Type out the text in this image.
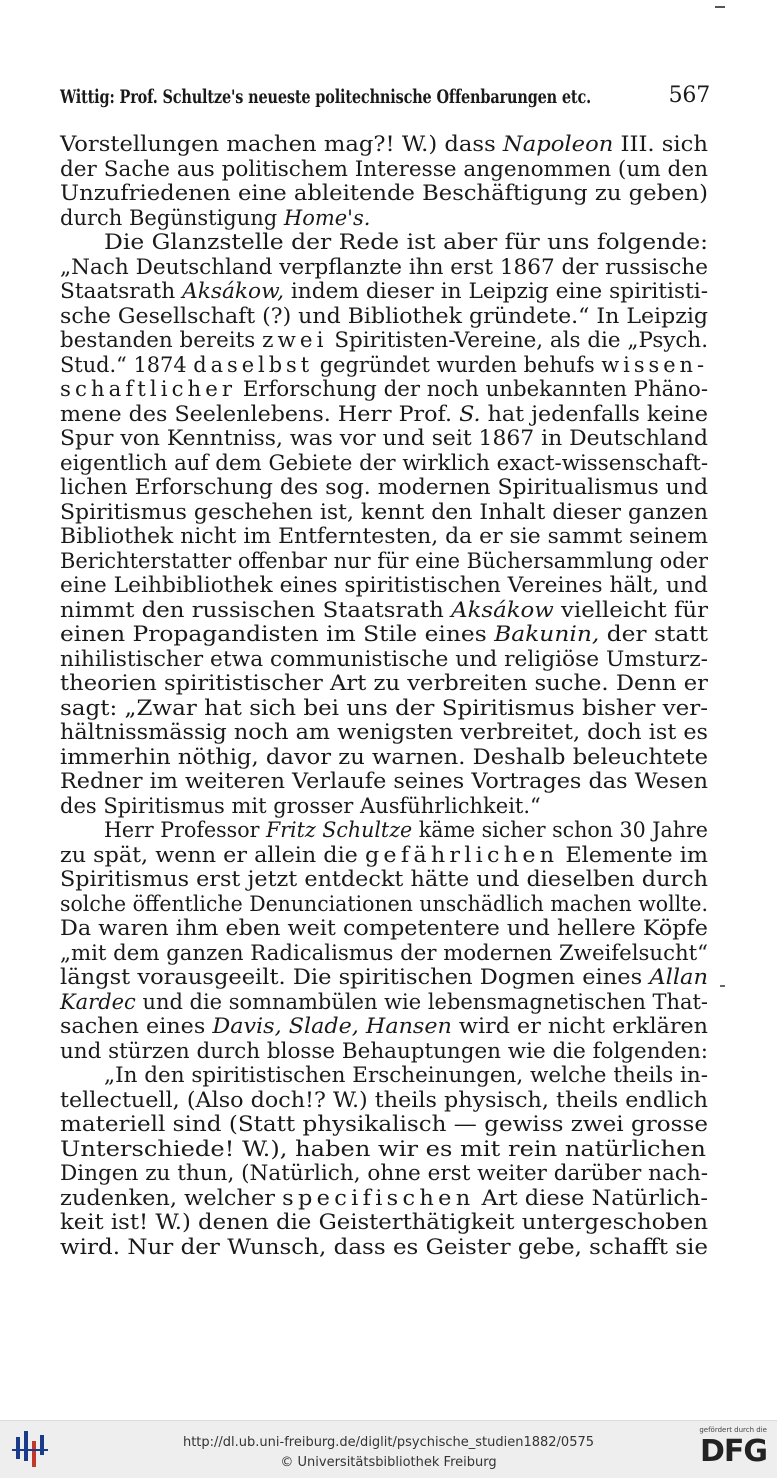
Wittig: Prof. Schultze's neueste politechnische Offenbarungen etc.	567
Vorstellungen machen mag?! W.) dass Napoleon III. sich
der Sache aus politischem Interesse angenommen (um den
Unzufriedenen eine ableitende Beschäftigung zu geben)
durch Begünstigung Home's.
Die Glanzstelle der Rede ist aber für uns folgende:
„Nach Deutschland verpflanzte ihn erst 1867 der russische
Staatsrath Aksákow, indem dieser in Leipzig eine spiritisti-
sche Gesellschaft (?) und Bibliothek gründete.“ In Leipzig
bestanden bereits zwei Spiritisten-Vereine, als die „Psych.
Stud.“ 1874 daselbst gegründet wurden behufs wissen-
schaftlicher Erforschung der noch unbekannten Phäno-
mene des Seelenlebens. Herr Prof. S. hat jedenfalls keine
Spur von Kenntniss, was vor und seit 1867 in Deutschland
eigentlich auf dem Gebiete der wirklich exact-wissenschaft-
lichen Erforschung des sog. modernen Spiritualismus und
Spiritismus geschehen ist, kennt den Inhalt dieser ganzen
Bibliothek nicht im Entferntesten, da er sie sammt seinem
Berichterstatter offenbar nur für eine Büchersammlung oder
eine Leihbibliothek eines spiritistischen Vereines hält, und
nimmt den russischen Staatsrath Aksákow vielleicht für
einen Propagandisten im Stile eines Bakunin, der statt
nihilistischer etwa communistische und religiöse Umsturz-
theorien spiritistischer Art zu verbreiten suche. Denn er
sagt: „Zwar hat sich bei uns der Spiritismus bisher ver-
hältnissmässig noch am wenigsten verbreitet, doch ist es
immerhin nöthig, davor zu warnen. Deshalb beleuchtete
Redner im weiteren Verlaufe seines Vortrages das Wesen
des Spiritismus mit grosser Ausführlichkeit.“
Herr Professor Fritz Schultze käme sicher schon 30 Jahre
zu spät, wenn er allein die gefährlichen Elemente im
Spiritismus erst jetzt entdeckt hätte und dieselben durch
solche öffentliche Denunciationen unschädlich machen wollte.
Da waren ihm eben weit competentere und hellere Köpfe
„mit dem ganzen Radicalismus der modernen Zweifelsucht“
längst vorausgeeilt. Die spiritischen Dogmen eines Allan
Kardec und die somnambülen wie lebensmagnetischen That-
sachen eines Davis, Slade, Hansen wird er nicht erklären
und stürzen durch blosse Behauptungen wie die folgenden:
„In den spiritistischen Erscheinungen, welche theils in-
tellectuell, (Also doch!? W.) theils physisch, theils endlich
materiell sind (Statt physikalisch — gewiss zwei grosse
Unterschiede! W.), haben wir es mit rein natürlichen
Dingen zu thun, (Natürlich, ohne erst weiter darüber nach-
zudenken, welcher specifischen Art diese Natürlich-
keit ist! W.) denen die Geisterthätigkeit untergeschoben
wird. Nur der Wunsch, dass es Geister gebe, schafft sie
http://dl.ub.uni-freiburg.de/diglit/psychische_studien1882/0575
© Universitätsbibliothek Freiburg
gefördert durch die
DFG
